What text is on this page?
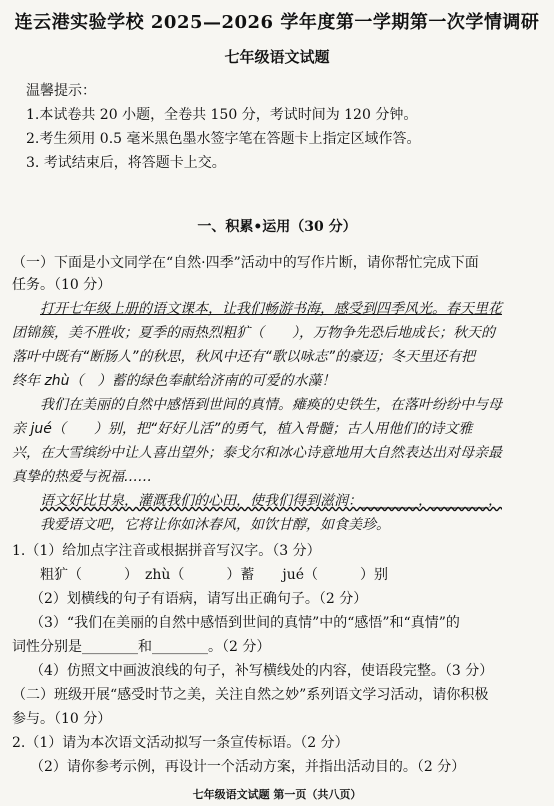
连云港实验学校 2025—2026 学年度第一学期第一次学情调研
七年级语文试题
温馨提示：
1.本试卷共 20 小题，全卷共 150 分，考试时间为 120 分钟。
2.考生须用 0.5 毫米黑色墨水签字笔在答题卡上指定区域作答。
3. 考试结束后，将答题卡上交。
一、积累•运用（30 分）
（一）下面是小文同学在“自然·四季”活动中的写作片断，请你帮忙完成下面
任务。（10 分）
打开七年级上册的语文课本，让我们畅游书海，感受到四季风光。春天里花
团锦簇，美不胜收；夏季的雨热烈粗犷（　　），万物争先恐后地成长；秋天的
落叶中既有“断肠人”的秋思，秋风中还有“歌以咏志”的豪迈；冬天里还有把
终年 zhù（　）蓄的绿色奉献给济南的可爱的水藻！
我们在美丽的自然中感悟到世间的真情。瘫痪的史铁生，在落叶纷纷中与母
亲 jué（　　）别，把“好好儿活”的勇气，植入骨髓；古人用他们的诗文雅
兴，在大雪缤纷中让人喜出望外；泰戈尔和冰心诗意地用大自然表达出对母亲最
真挚的热爱与祝福……
语文好比甘泉，灌溉我们的心田，使我们得到滋润：________，________，
我爱语文吧，它将让你如沐春风，如饮甘醇，如食美珍。
1.（1）给加点字注音或根据拼音写汉字。（3 分）
粗犷（　　　）　zhù（　　　）蓄　　jué（　　　）别
（2）划横线的句子有语病，请写出正确句子。（2 分）
（3）“我们在美丽的自然中感悟到世间的真情”中的“感悟”和“真情”的
词性分别是________和________。（2 分）
（4）仿照文中画波浪线的句子，补写横线处的内容，使语段完整。（3 分）
（二）班级开展“感受时节之美，关注自然之妙”系列语文学习活动，请你积极
参与。（10 分）
2.（1）请为本次语文活动拟写一条宣传标语。（2 分）
（2）请你参考示例，再设计一个活动方案，并指出活动目的。（2 分）
七年级语文试题 第一页（共八页）
